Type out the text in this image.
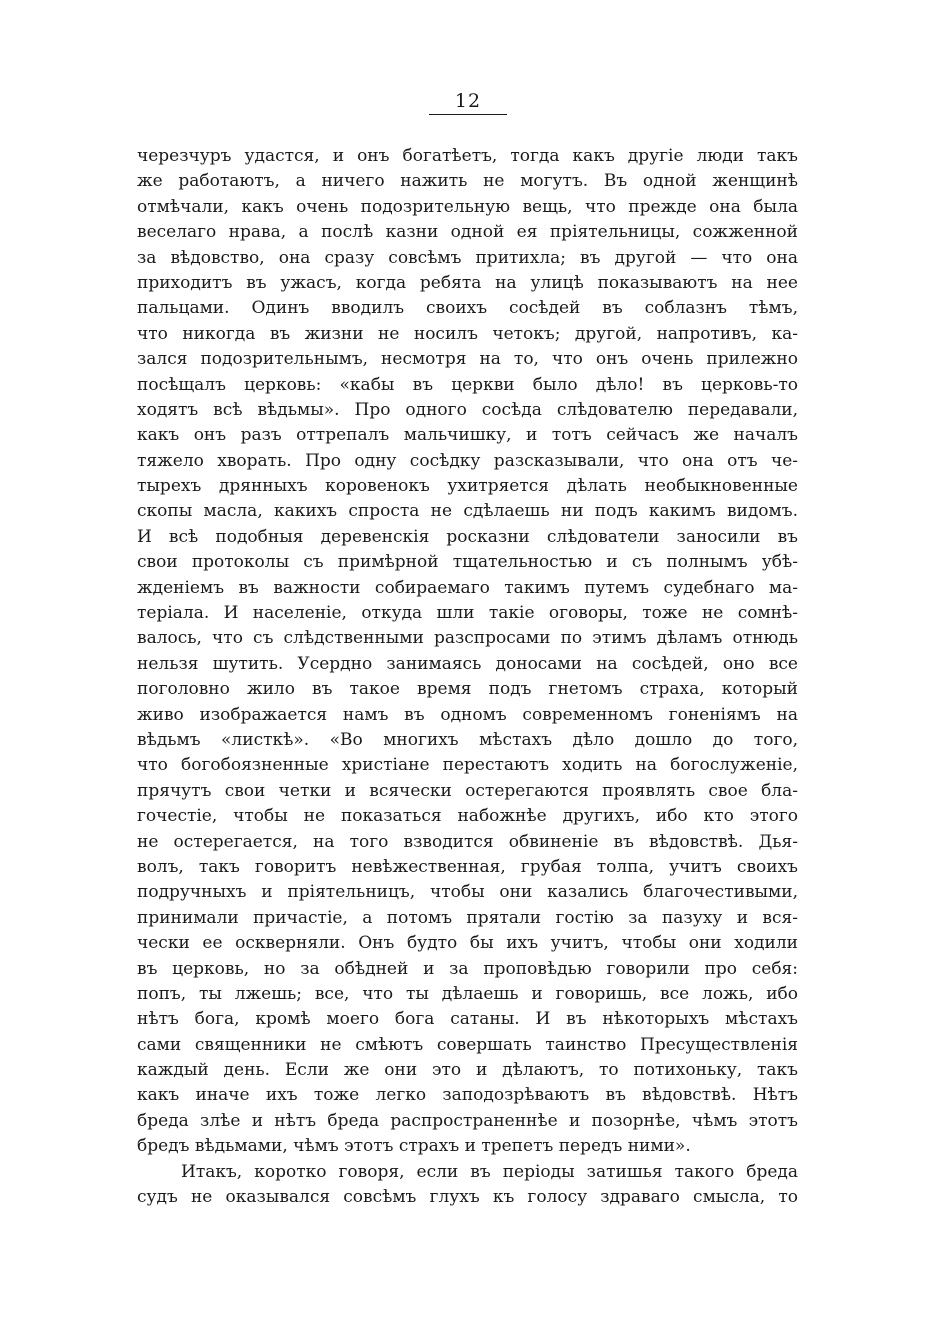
12
черезчуръ удастся, и онъ богатѣетъ, тогда какъ другіе люди такъ
же работаютъ, а ничего нажить не могутъ. Въ одной женщинѣ
отмѣчали, какъ очень подозрительную вещь, что прежде она была
веселаго нрава, а послѣ казни одной ея пріятельницы, сожженной
за вѣдовство, она сразу совсѣмъ притихла; въ другой — что она
приходитъ въ ужасъ, когда ребята на улицѣ показываютъ на нее
пальцами. Одинъ вводилъ своихъ сосѣдей въ соблазнъ тѣмъ,
что никогда въ жизни не носилъ четокъ; другой, напротивъ, ка-
зался подозрительнымъ, несмотря на то, что онъ очень прилежно
посѣщалъ церковь: «кабы въ церкви было дѣло! въ церковь-то
ходятъ всѣ вѣдьмы». Про одного сосѣда слѣдователю передавали,
какъ онъ разъ оттрепалъ мальчишку, и тотъ сейчасъ же началъ
тяжело хворать. Про одну сосѣдку разсказывали, что она отъ че-
тырехъ дрянныхъ коровенокъ ухитряется дѣлать необыкновенные
скопы масла, какихъ спроста не сдѣлаешь ни подъ какимъ видомъ.
И всѣ подобныя деревенскія росказни слѣдователи заносили въ
свои протоколы съ примѣрной тщательностью и съ полнымъ убѣ-
жденіемъ въ важности собираемаго такимъ путемъ судебнаго ма-
теріала. И населеніе, откуда шли такіе оговоры, тоже не сомнѣ-
валось, что съ слѣдственными разспросами по этимъ дѣламъ отнюдь
нельзя шутить. Усердно занимаясь доносами на сосѣдей, оно все
поголовно жило въ такое время подъ гнетомъ страха, который
живо изображается намъ въ одномъ современномъ гоненіямъ на
вѣдьмъ «листкѣ». «Во многихъ мѣстахъ дѣло дошло до того,
что богобоязненные христіане перестаютъ ходить на богослуженіе,
прячутъ свои четки и всячески остерегаются проявлять свое бла-
гочестіе, чтобы не показаться набожнѣе другихъ, ибо кто этого
не остерегается, на того взводится обвиненіе въ вѣдовствѣ. Дья-
волъ, такъ говоритъ невѣжественная, грубая толпа, учитъ своихъ
подручныхъ и пріятельницъ, чтобы они казались благочестивыми,
принимали причастіе, а потомъ прятали гостію за пазуху и вся-
чески ее оскверняли. Онъ будто бы ихъ учитъ, чтобы они ходили
въ церковь, но за обѣдней и за проповѣдью говорили про себя:
попъ, ты лжешь; все, что ты дѣлаешь и говоришь, все ложь, ибо
нѣтъ бога, кромѣ моего бога сатаны. И въ нѣкоторыхъ мѣстахъ
сами священники не смѣютъ совершать таинство Пресуществленія
каждый день. Если же они это и дѣлаютъ, то потихоньку, такъ
какъ иначе ихъ тоже легко заподозрѣваютъ въ вѣдовствѣ. Нѣтъ
бреда злѣе и нѣтъ бреда распространеннѣе и позорнѣе, чѣмъ этотъ
бредъ вѣдьмами, чѣмъ этотъ страхъ и трепетъ передъ ними».
Итакъ, коротко говоря, если въ періоды затишья такого бреда
судъ не оказывался совсѣмъ глухъ къ голосу здраваго смысла, то
